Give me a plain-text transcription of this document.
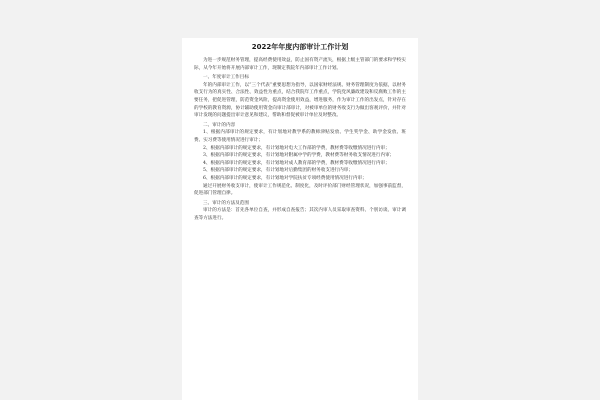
2022年年度内部审计工作计划

为进一步规范财务管理，提高经费使用效益，防止国有资产流失，根据上级主管部门的要求和学校实际，从今年开始将开展内部审计工作，现制定我院年内部审计工作计划。

一、年度审计工作目标

年的内部审计工作，以“三个代表”重要思想为指导，以国家财经法规、财务管理制度为依据，以财务收支行为的真实性、合法性、效益性为重点，结合我院年工作重点，学院党风廉政建设和反腐败工作的主要任务，把促进管理，防范资金风险，提高资金使用效益，增进服务，作为审计工作的出发点，针对存在的学校的教育资源，协计辅助使用资金向审计部审计，对被审单位的财务收支行为做出客观评价，并针对审计发现的问题提出审计意见和建议，帮助和督促被审计单位及时整改。

二、审计的内容

1、根据内部审计的规定要求，有计划地对教学系的教师津贴发放、学生奖学金、助学金发放、班费、实习费等使用情况进行审计；

2、根据内部审计的规定要求，有计划地对电大工作部的学费，教材费等收缴情况进行内审；

3、根据内部审计的规定要求，有计划地对附属中学的学费，教材费等财务收支情况进行内审；

4、根据内部审计的规定要求，有计划地对成人教育部的学费，教材费等收缴情况进行内审；

5、根据内部审计的规定要求，有计划地对后勤集团的财务收支进行内审；

6、根据内部审计的规定要求，有计划地对学院扶贫专项经费使用情况进行内审；

通过开展财务收支审计，使审计工作规范化、制度化，及时评价部门财经管理状况，加强事前监督，促进部门管理自律。

三、审计的方法及范围

审计的方法是：首先各单位自查，并形成自查报告；其次内审人员采取审查资料、个别访谈、审计调查等方法进行。
